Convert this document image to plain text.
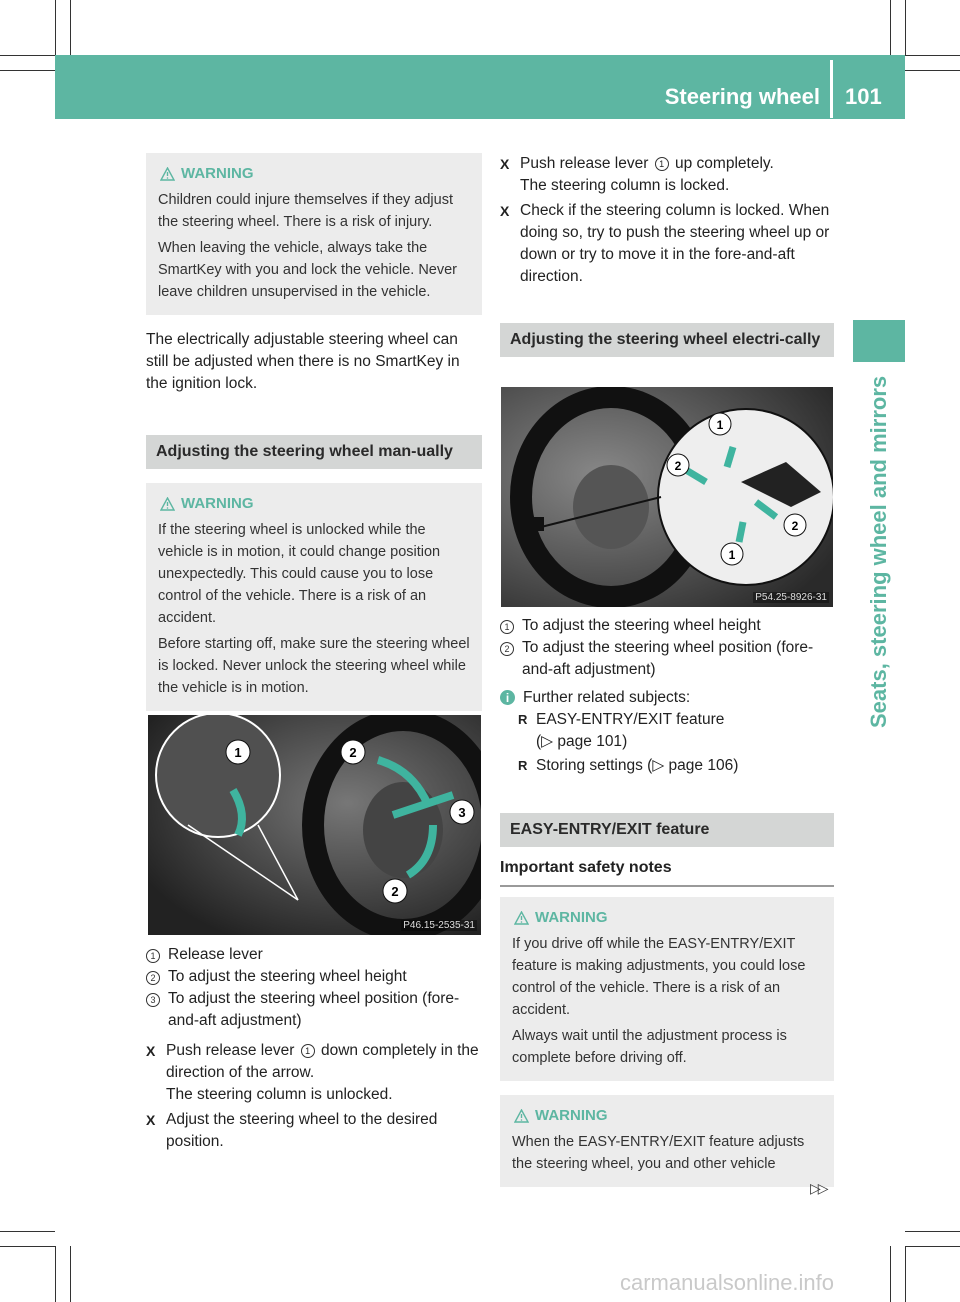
Steering wheel 101
Seats, steering wheel and mirrors
WARNING

Children could injure themselves if they adjust the steering wheel. There is a risk of injury.

When leaving the vehicle, always take the SmartKey with you and lock the vehicle. Never leave children unsupervised in the vehicle.

The electrically adjustable steering wheel can still be adjusted when there is no SmartKey in the ignition lock.

Adjusting the steering wheel man-ually
WARNING

If the steering wheel is unlocked while the vehicle is in motion, it could change position unexpectedly. This could cause you to lose control of the vehicle. There is a risk of an accident.

Before starting off, make sure the steering wheel is locked. Never unlock the steering wheel while the vehicle is in motion.

1	2
3
2
P46.15-2535-31
1 Release lever
2 To adjust the steering wheel height
3 To adjust the steering wheel position (fore-and-aft adjustment)
X Push release lever 1 down completely in the direction of the arrow.
The steering column is unlocked.
X Adjust the steering wheel to the desired position.
X Push release lever 1 up completely.
The steering column is locked.
X Check if the steering column is locked. When doing so, try to push the steering wheel up or down or try to move it in the fore-and-aft direction.
Adjusting the steering wheel electri-cally
1
2
2
1
P54.25-8926-31
1 To adjust the steering wheel height
2 To adjust the steering wheel position (fore-and-aft adjustment)
i Further related subjects:
R EASY-ENTRY/EXIT feature
(▷ page 101)
R Storing settings (▷ page 106)
EASY-ENTRY/EXIT feature
Important safety notes
WARNING

If you drive off while the EASY-ENTRY/EXIT feature is making adjustments, you could lose control of the vehicle. There is a risk of an accident.

Always wait until the adjustment process is complete before driving off.

WARNING

When the EASY-ENTRY/EXIT feature adjusts the steering wheel, you and other vehicle

▷▷
carmanualsonline.info
